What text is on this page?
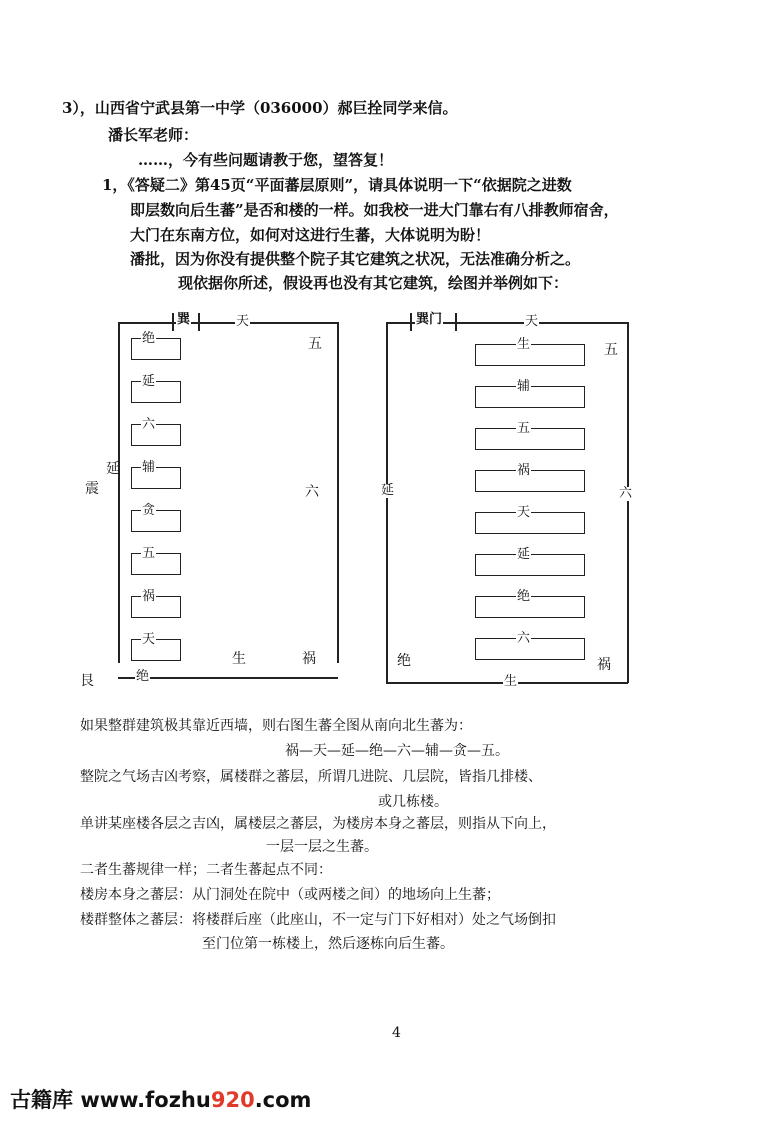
3），山西省宁武县第一中学（036000）郝巨拴同学来信。
潘长军老师：
……，今有些问题请教于您，望答复！
1，《答疑二》第45页“平面蕃层原则”，请具体说明一下“依据院之进数
即层数向后生蕃”是否和楼的一样。如我校一进大门靠右有八排教师宿舍，
大门在东南方位，如何对这进行生蕃，大体说明为盼！
潘批，因为你没有提供整个院子其它建筑之状况，无法准确分析之。
现依据你所述，假设再也没有其它建筑，绘图并举例如下：
巽	天
五
延
震	六
艮	绝
生	祸
绝
延
六
辅
贪
五
祸
天
巽门	天
五
延	六
绝	祸
生
生
辅
五
祸
天
延
绝
六
如果整群建筑极其靠近西墙，则右图生蕃全图从南向北生蕃为：
祸—天—延—绝—六—辅—贪—五。
整院之气场吉凶考察，属楼群之蕃层，所谓几进院、几层院，皆指几排楼、
或几栋楼。
单讲某座楼各层之吉凶，属楼层之蕃层，为楼房本身之蕃层，则指从下向上，
一层一层之生蕃。
二者生蕃规律一样；二者生蕃起点不同：
楼房本身之蕃层：从门洞处在院中（或两楼之间）的地场向上生蕃；
楼群整体之蕃层：将楼群后座（此座山，不一定与门下好相对）处之气场倒扣
至门位第一栋楼上，然后逐栋向后生蕃。
4
古籍库 www.fozhu920.com
